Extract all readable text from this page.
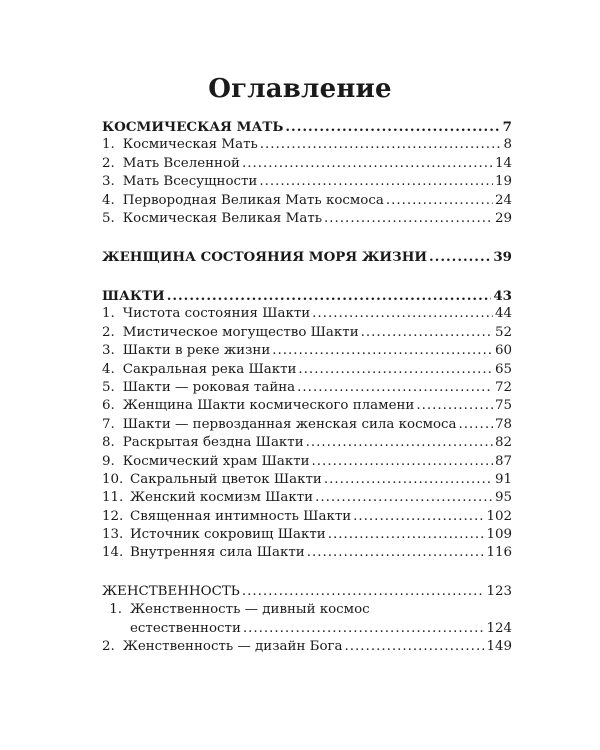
Оглавление
КОСМИЧЕСКАЯ МАТЬ .....	7
1. Космическая Мать .....	8
2. Мать Вселенной .....	14
3. Мать Всесущности .....	19
4. Первородная Великая Мать космоса .....	24
5. Космическая Великая Мать .....	29
ЖЕНЩИНА СОСТОЯНИЯ МОРЯ ЖИЗНИ .....	39
ШАКТИ .....	43
1. Чистота состояния Шакти .....	44
2. Мистическое могущество Шакти .....	52
3. Шакти в реке жизни .....	60
4. Сакральная река Шакти .....	65
5. Шакти — роковая тайна .....	72
6. Женщина Шакти космического пламени .....	75
7. Шакти — первозданная женская сила космоса .....	78
8. Раскрытая бездна Шакти .....	82
9. Космический храм Шакти .....	87
10. Сакральный цветок Шакти .....	91
11. Женский космизм Шакти .....	95
12. Священная интимность Шакти .....	102
13. Источник сокровищ Шакти .....	109
14. Внутренняя сила Шакти .....	116
ЖЕНСТВЕННОСТЬ .....	123
1. Женственность — дивный космос
естественности .....	124
2. Женственность — дизайн Бога .....	149
